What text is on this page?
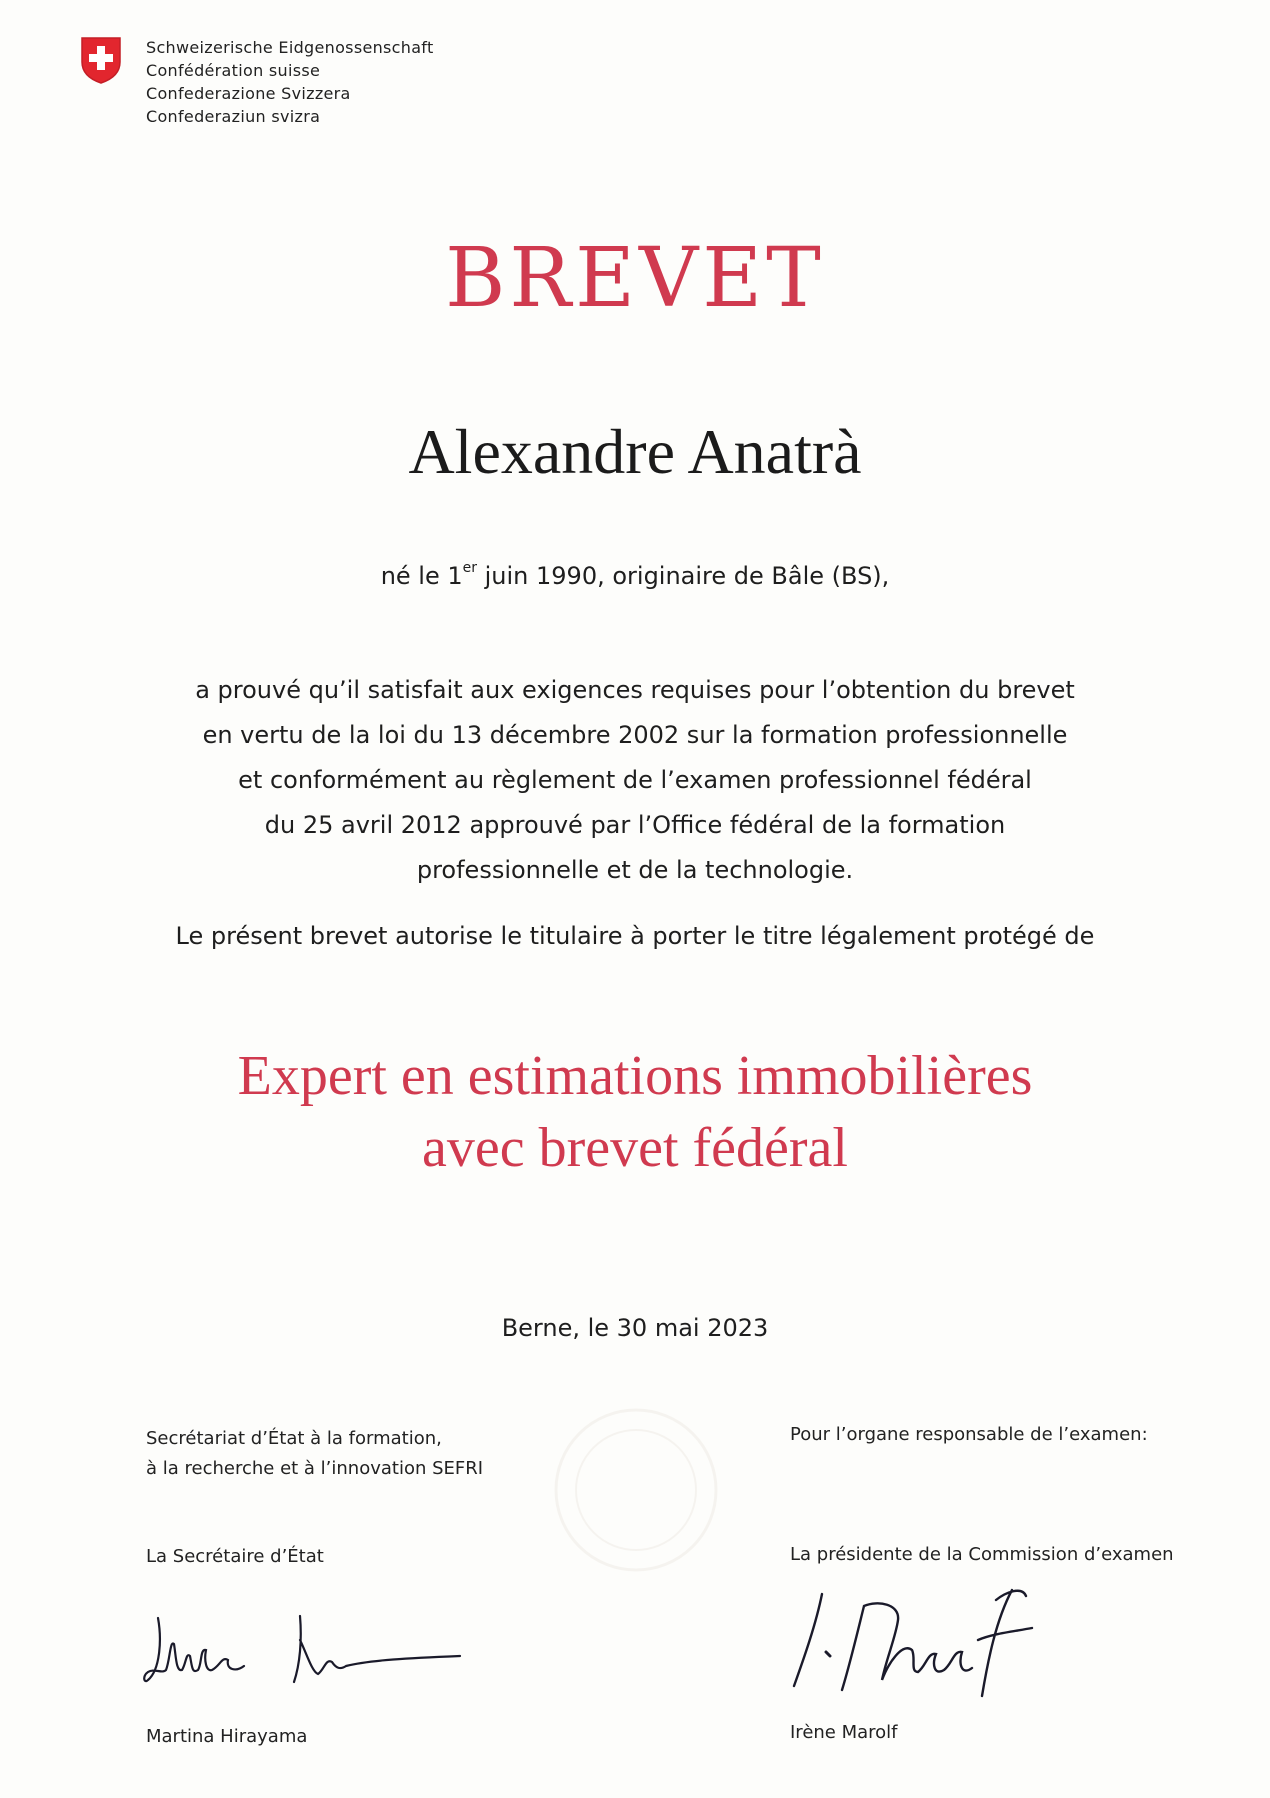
Schweizerische Eidgenossenschaft
Confédération suisse
Confederazione Svizzera
Confederaziun svizra
BREVET
Alexandre Anatrà
né le 1er juin 1990, originaire de Bâle (BS),
a prouvé qu’il satisfait aux exigences requises pour l’obtention du brevet
en vertu de la loi du 13 décembre 2002 sur la formation professionnelle
et conformément au règlement de l’examen professionnel fédéral
du 25 avril 2012 approuvé par l’Office fédéral de la formation
professionnelle et de la technologie.
Le présent brevet autorise le titulaire à porter le titre légalement protégé de
Expert en estimations immobilières
avec brevet fédéral
Berne, le 30 mai 2023
Secrétariat d’État à la formation,
à la recherche et à l’innovation SEFRI
La Secrétaire d’État
Martina Hirayama
Pour l’organe responsable de l’examen:
La présidente de la Commission d’examen
Irène Marolf
